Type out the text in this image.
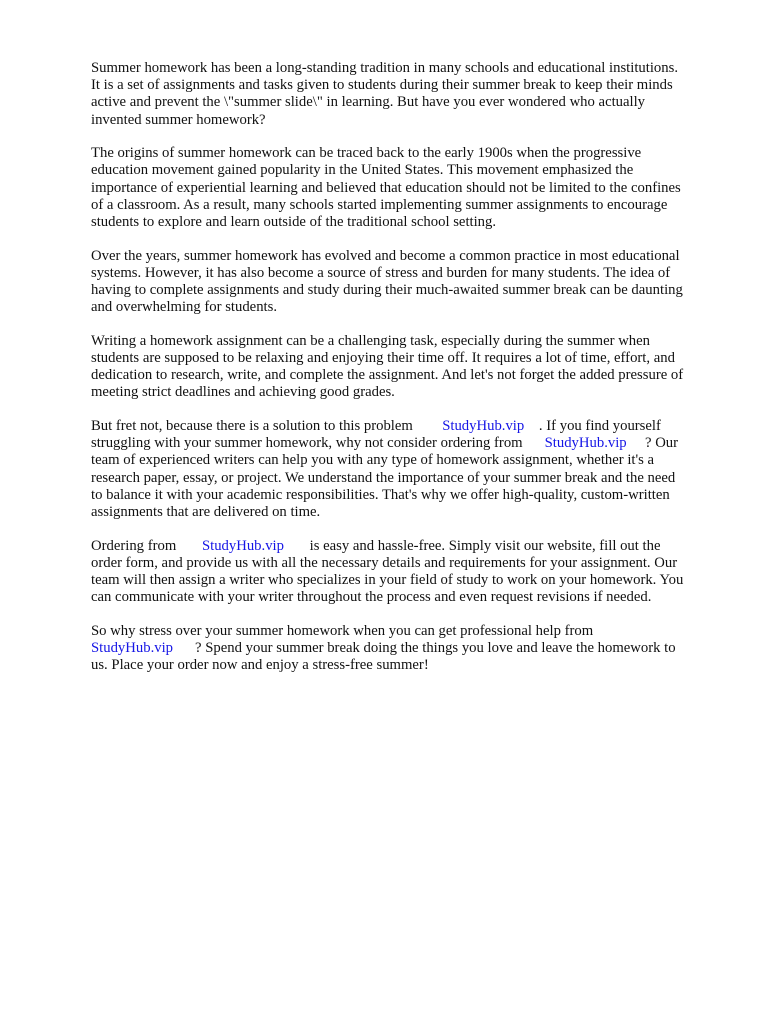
Summer homework has been a long-standing tradition in many schools and educational institutions.
It is a set of assignments and tasks given to students during their summer break to keep their minds
active and prevent the \"summer slide\" in learning. But have you ever wondered who actually
invented summer homework?

The origins of summer homework can be traced back to the early 1900s when the progressive
education movement gained popularity in the United States. This movement emphasized the
importance of experiential learning and believed that education should not be limited to the confines
of a classroom. As a result, many schools started implementing summer assignments to encourage
students to explore and learn outside of the traditional school setting.

Over the years, summer homework has evolved and become a common practice in most educational
systems. However, it has also become a source of stress and burden for many students. The idea of
having to complete assignments and study during their much-awaited summer break can be daunting
and overwhelming for students.

Writing a homework assignment can be a challenging task, especially during the summer when
students are supposed to be relaxing and enjoying their time off. It requires a lot of time, effort, and
dedication to research, write, and complete the assignment. And let's not forget the added pressure of
meeting strict deadlines and achieving good grades.

But fret not, because there is a solution to this problem        StudyHub.vip    . If you find yourself
struggling with your summer homework, why not consider ordering from      StudyHub.vip     ? Our
team of experienced writers can help you with any type of homework assignment, whether it's a
research paper, essay, or project. We understand the importance of your summer break and the need
to balance it with your academic responsibilities. That's why we offer high-quality, custom-written
assignments that are delivered on time.

Ordering from       StudyHub.vip       is easy and hassle-free. Simply visit our website, fill out the
order form, and provide us with all the necessary details and requirements for your assignment. Our
team will then assign a writer who specializes in your field of study to work on your homework. You
can communicate with your writer throughout the process and even request revisions if needed.

So why stress over your summer homework when you can get professional help from
StudyHub.vip      ? Spend your summer break doing the things you love and leave the homework to
us. Place your order now and enjoy a stress-free summer!
